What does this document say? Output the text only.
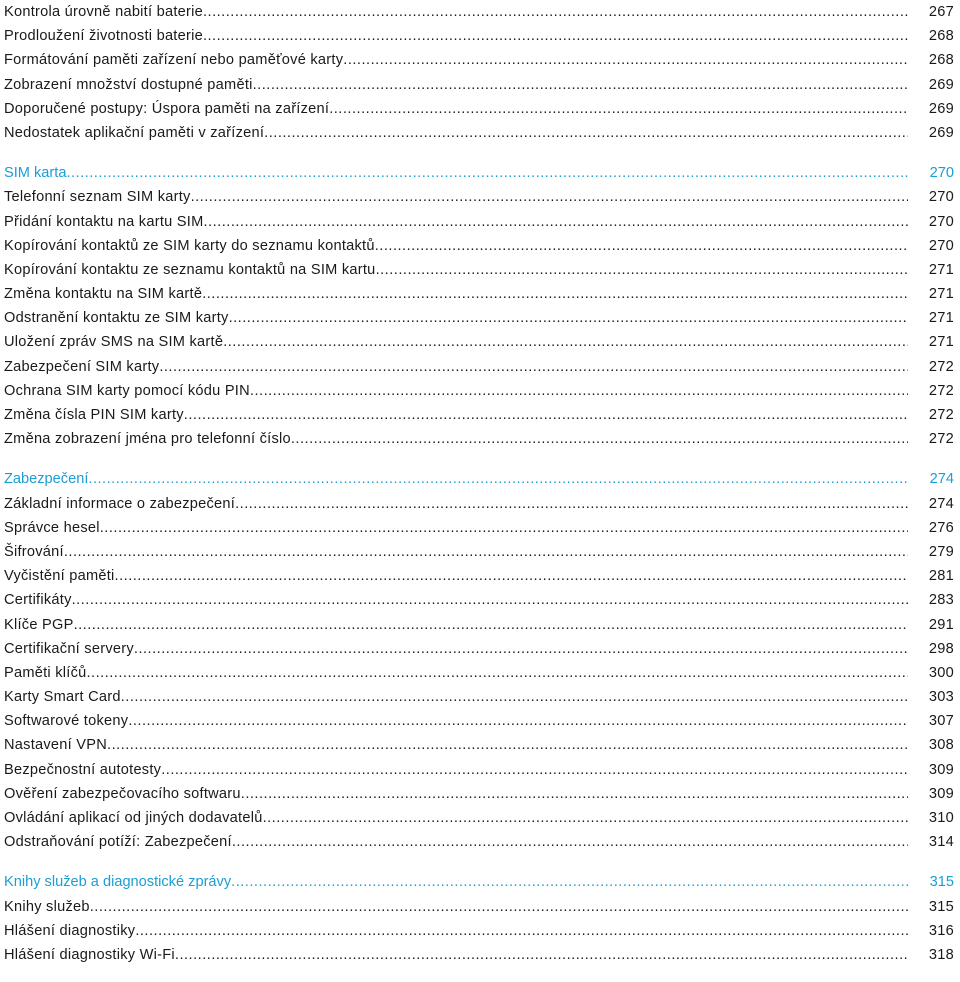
Kontrola úrovně nabití baterie .....	267
Prodloužení životnosti baterie .....	268
Formátování paměti zařízení nebo paměťové karty .....	268
Zobrazení množství dostupné paměti .....	269
Doporučené postupy: Úspora paměti na zařízení .....	269
Nedostatek aplikační paměti v zařízení .....	269
SIM karta .....	270
Telefonní seznam SIM karty .....	270
Přidání kontaktu na kartu SIM .....	270
Kopírování kontaktů ze SIM karty do seznamu kontaktů .....	270
Kopírování kontaktu ze seznamu kontaktů na SIM kartu .....	271
Změna kontaktu na SIM kartě .....	271
Odstranění kontaktu ze SIM karty .....	271
Uložení zpráv SMS na SIM kartě .....	271
Zabezpečení SIM karty .....	272
Ochrana SIM karty pomocí kódu PIN .....	272
Změna čísla PIN SIM karty .....	272
Změna zobrazení jména pro telefonní číslo .....	272
Zabezpečení .....	274
Základní informace o zabezpečení .....	274
Správce hesel .....	276
Šifrování .....	279
Vyčistění paměti .....	281
Certifikáty .....	283
Klíče PGP .....	291
Certifikační servery .....	298
Paměti klíčů .....	300
Karty Smart Card .....	303
Softwarové tokeny .....	307
Nastavení VPN .....	308
Bezpečnostní autotesty .....	309
Ověření zabezpečovacího softwaru .....	309
Ovládání aplikací od jiných dodavatelů .....	310
Odstraňování potíží: Zabezpečení .....	314
Knihy služeb a diagnostické zprávy .....	315
Knihy služeb .....	315
Hlášení diagnostiky .....	316
Hlášení diagnostiky Wi-Fi .....	318
